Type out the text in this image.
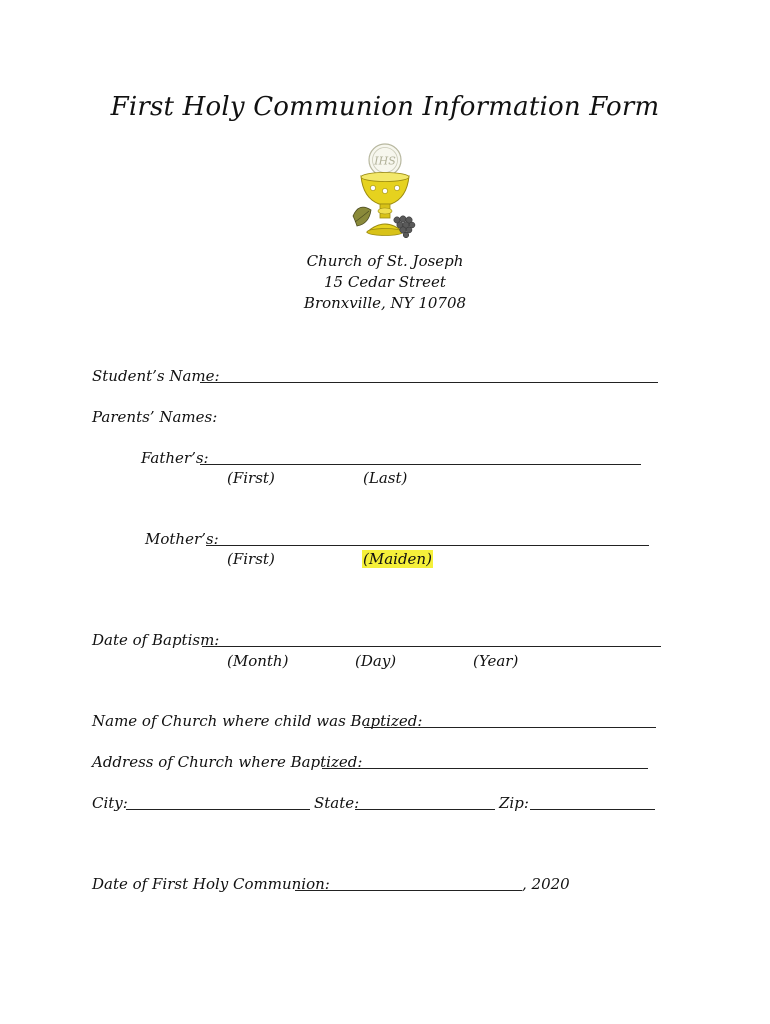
First Holy Communion Information Form
IHS
Church of St. Joseph
15 Cedar Street
Bronxville, NY 10708
Student’s Name:
Parents’ Names:
Father’s:
(First)	(Last)
Mother’s:
(First)	(Maiden)
Date of Baptism:
(Month)	(Day)	(Year)
Name of Church where child was Baptized:
Address of Church where Baptized:
City:	State:	Zip:
Date of First Holy Communion:	, 2020
